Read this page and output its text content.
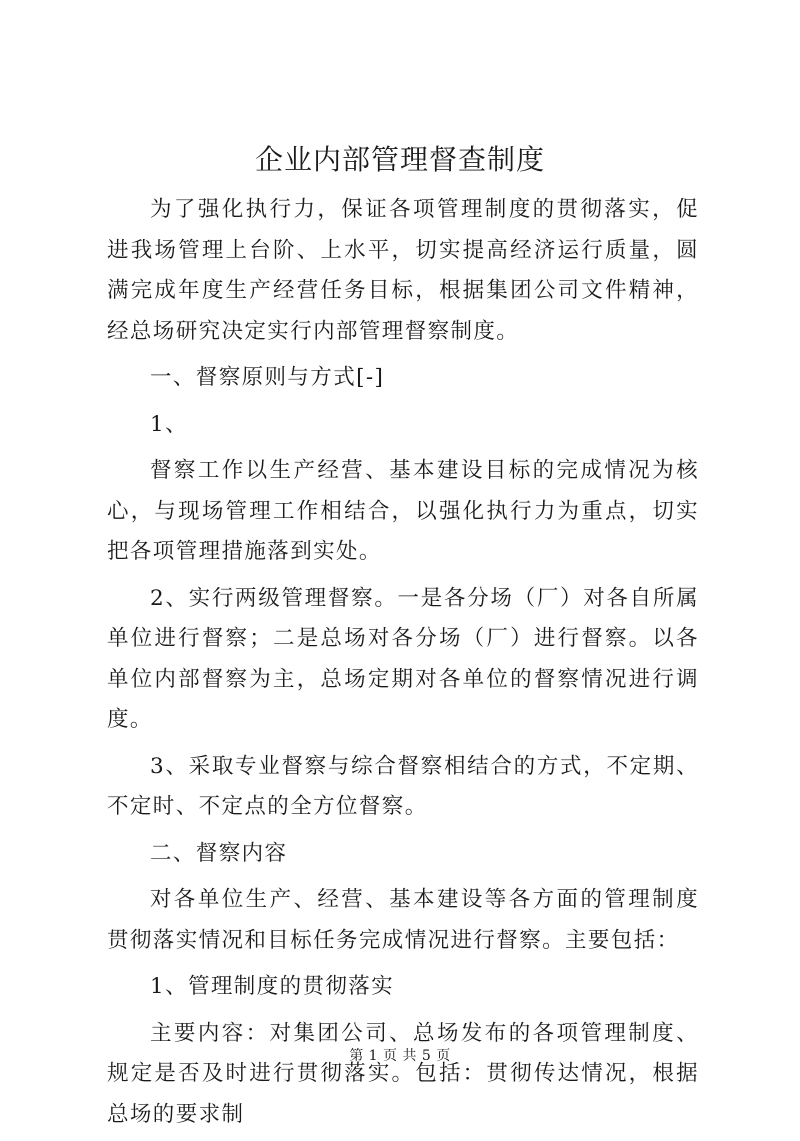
企业内部管理督查制度

为了强化执行力，保证各项管理制度的贯彻落实，促进我场管理上台阶、上水平，切实提高经济运行质量，圆满完成年度生产经营任务目标，根据集团公司文件精神，经总场研究决定实行内部管理督察制度。

一、督察原则与方式[-]

1、

督察工作以生产经营、基本建设目标的完成情况为核心，与现场管理工作相结合，以强化执行力为重点，切实把各项管理措施落到实处。

2、实行两级管理督察。一是各分场（厂）对各自所属单位进行督察；二是总场对各分场（厂）进行督察。以各单位内部督察为主，总场定期对各单位的督察情况进行调度。

3、采取专业督察与综合督察相结合的方式，不定期、不定时、不定点的全方位督察。

二、督察内容

对各单位生产、经营、基本建设等各方面的管理制度贯彻落实情况和目标任务完成情况进行督察。主要包括：

1、管理制度的贯彻落实

主要内容：对集团公司、总场发布的各项管理制度、规定是否及时进行贯彻落实。包括：贯彻传达情况，根据总场的要求制

第 1 页 共 5 页
